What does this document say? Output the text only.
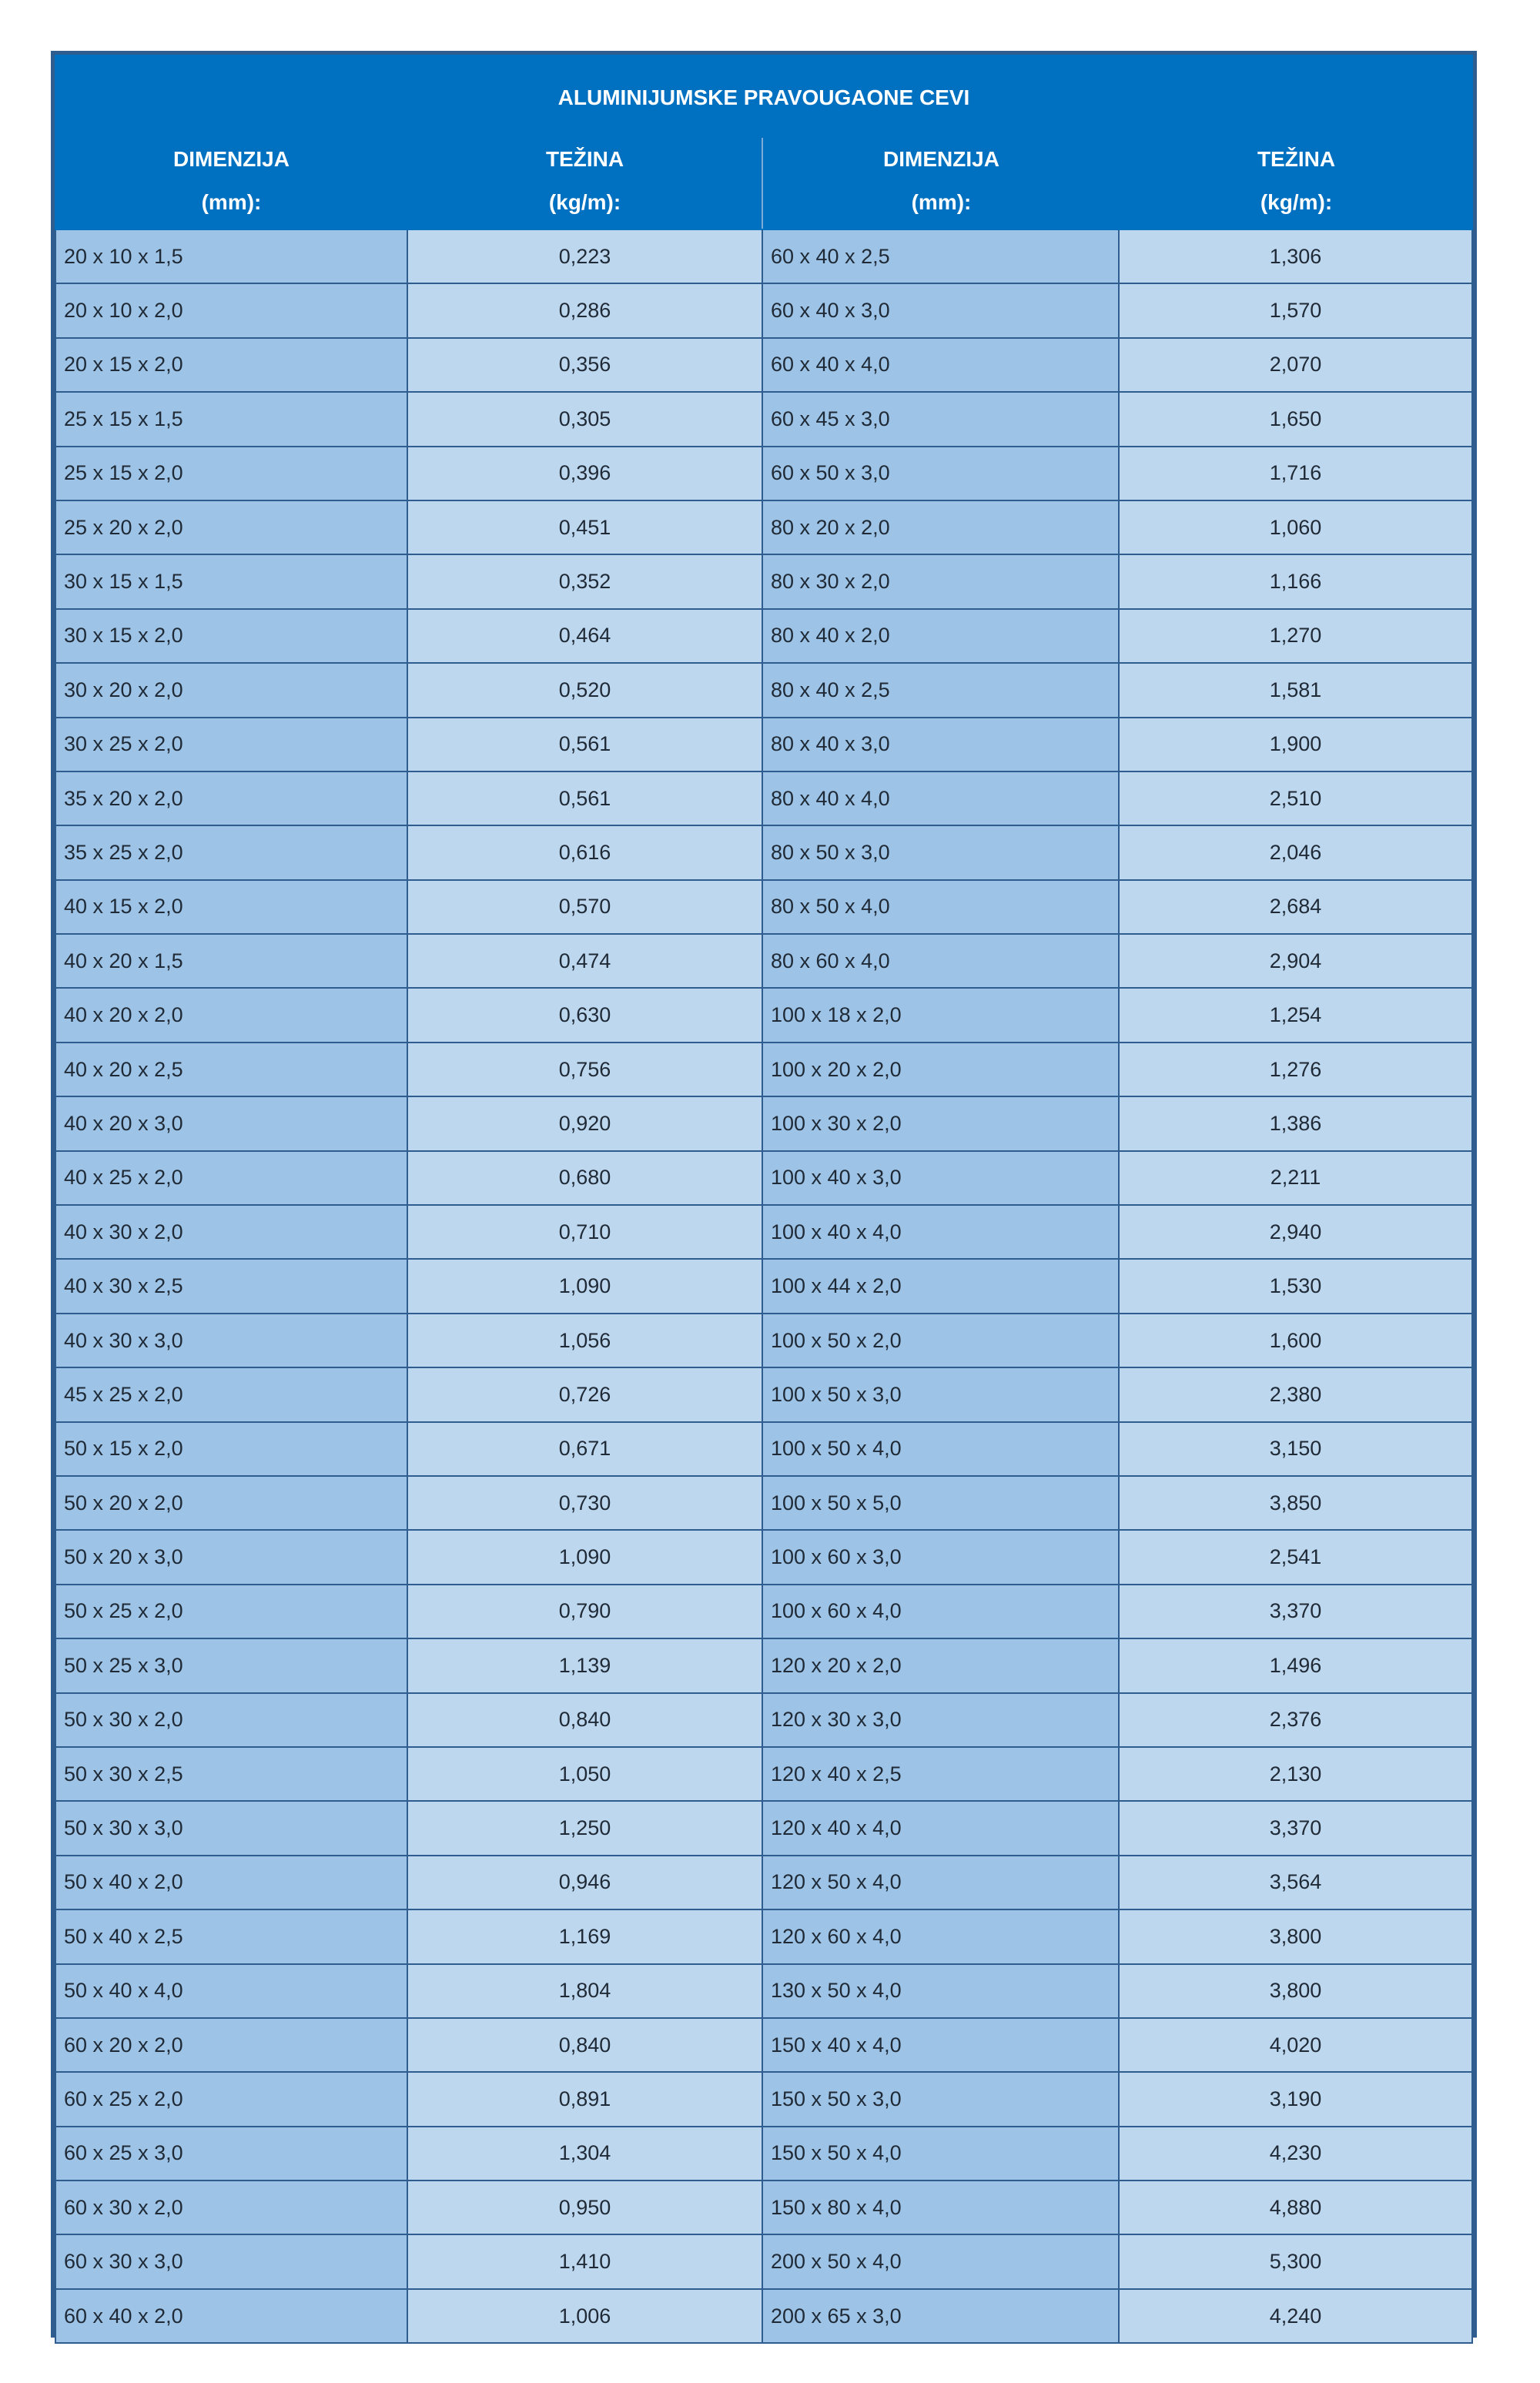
ALUMINIJUMSKE PRAVOUGAONE CEVI
DIMENZIJA
(mm):
TEŽINA
(kg/m):
DIMENZIJA
(mm):
TEŽINA
(kg/m):
20 x 10 x 1,5	0,223	60 x 40 x 2,5	1,306
20 x 10 x 2,0	0,286	60 x 40 x 3,0	1,570
20 x 15 x 2,0	0,356	60 x 40 x 4,0	2,070
25 x 15 x 1,5	0,305	60 x 45 x 3,0	1,650
25 x 15 x 2,0	0,396	60 x 50 x 3,0	1,716
25 x 20 x 2,0	0,451	80 x 20 x 2,0	1,060
30 x 15 x 1,5	0,352	80 x 30 x 2,0	1,166
30 x 15 x 2,0	0,464	80 x 40 x 2,0	1,270
30 x 20 x 2,0	0,520	80 x 40 x 2,5	1,581
30 x 25 x 2,0	0,561	80 x 40 x 3,0	1,900
35 x 20 x 2,0	0,561	80 x 40 x 4,0	2,510
35 x 25 x 2,0	0,616	80 x 50 x 3,0	2,046
40 x 15 x 2,0	0,570	80 x 50 x 4,0	2,684
40 x 20 x 1,5	0,474	80 x 60 x 4,0	2,904
40 x 20 x 2,0	0,630	100 x 18 x 2,0	1,254
40 x 20 x 2,5	0,756	100 x 20 x 2,0	1,276
40 x 20 x 3,0	0,920	100 x 30 x 2,0	1,386
40 x 25 x 2,0	0,680	100 x 40 x 3,0	2,211
40 x 30 x 2,0	0,710	100 x 40 x 4,0	2,940
40 x 30 x 2,5	1,090	100 x 44 x 2,0	1,530
40 x 30 x 3,0	1,056	100 x 50 x 2,0	1,600
45 x 25 x 2,0	0,726	100 x 50 x 3,0	2,380
50 x 15 x 2,0	0,671	100 x 50 x 4,0	3,150
50 x 20 x 2,0	0,730	100 x 50 x 5,0	3,850
50 x 20 x 3,0	1,090	100 x 60 x 3,0	2,541
50 x 25 x 2,0	0,790	100 x 60 x 4,0	3,370
50 x 25 x 3,0	1,139	120 x 20 x 2,0	1,496
50 x 30 x 2,0	0,840	120 x 30 x 3,0	2,376
50 x 30 x 2,5	1,050	120 x 40 x 2,5	2,130
50 x 30 x 3,0	1,250	120 x 40 x 4,0	3,370
50 x 40 x 2,0	0,946	120 x 50 x 4,0	3,564
50 x 40 x 2,5	1,169	120 x 60 x 4,0	3,800
50 x 40 x 4,0	1,804	130 x 50 x 4,0	3,800
60 x 20 x 2,0	0,840	150 x 40 x 4,0	4,020
60 x 25 x 2,0	0,891	150 x 50 x 3,0	3,190
60 x 25 x 3,0	1,304	150 x 50 x 4,0	4,230
60 x 30 x 2,0	0,950	150 x 80 x 4,0	4,880
60 x 30 x 3,0	1,410	200 x 50 x 4,0	5,300
60 x 40 x 2,0	1,006	200 x 65 x 3,0	4,240
